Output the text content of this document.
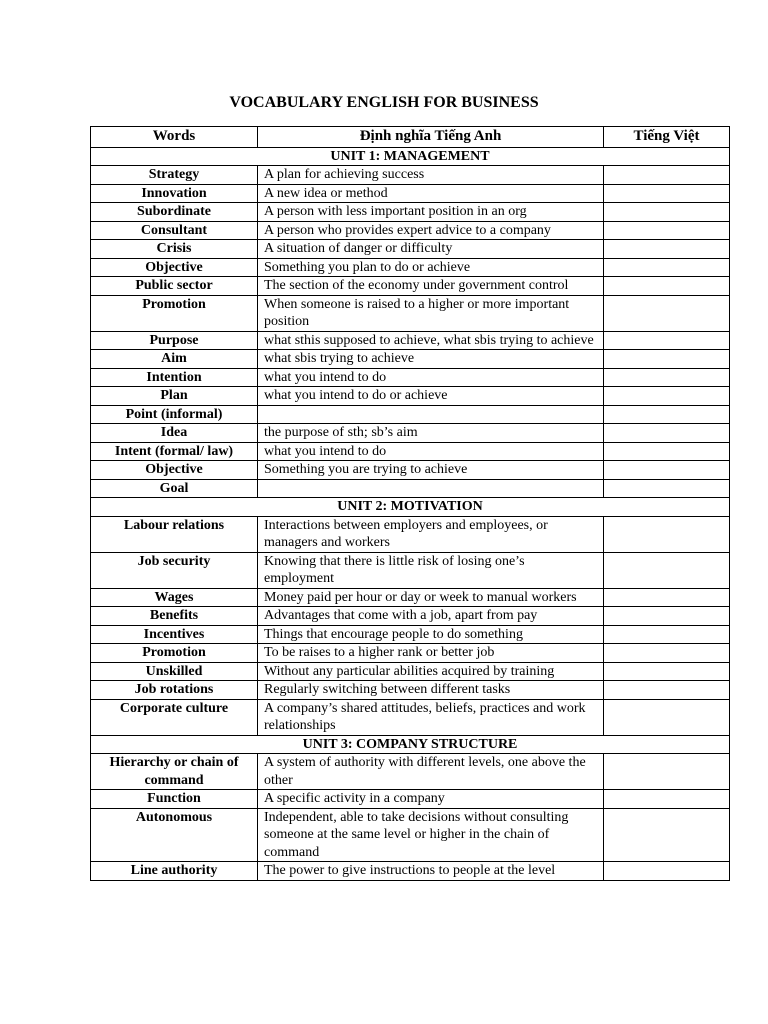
VOCABULARY ENGLISH FOR BUSINESS
Words	Định nghĩa Tiếng Anh	Tiếng Việt
UNIT 1: MANAGEMENT		
Strategy	A plan for achieving success	
Innovation	A new idea or method	
Subordinate	A person with less important position in an org	
Consultant	A person who provides expert advice to a company	
Crisis	A situation of danger or difficulty	
Objective	Something you plan to do or achieve	
Public sector	The section of the economy under government control	
Promotion	When someone is raised to a higher or more important position	
Purpose	what sthis supposed to achieve, what sbis trying to achieve	
Aim	what sbis trying to achieve	
Intention	what you intend to do	
Plan	what you intend to do or achieve	
Point (informal)		
Idea	the purpose of sth; sb’s aim	
Intent (formal/ law)	what you intend to do	
Objective	Something you are trying to achieve	
Goal		
UNIT 2: MOTIVATION		
Labour relations	Interactions between employers and employees, or managers and workers	
Job security	Knowing that there is little risk of losing one’s employment	
Wages	Money paid per hour or day or week to manual workers	
Benefits	Advantages that come with a job, apart from pay	
Incentives	Things that encourage people to do something	
Promotion	To be raises to a higher rank or better job	
Unskilled	Without any particular abilities acquired by training	
Job rotations	Regularly switching between different tasks	
Corporate culture	A company’s shared attitudes, beliefs, practices and work relationships	
UNIT 3: COMPANY STRUCTURE		
Hierarchy or chain of command	A system of authority with different levels, one above the other	
Function	A specific activity in a company	
Autonomous	Independent, able to take decisions without consulting someone at the same level or higher in the chain of command	
Line authority	The power to give instructions to people at the level	
